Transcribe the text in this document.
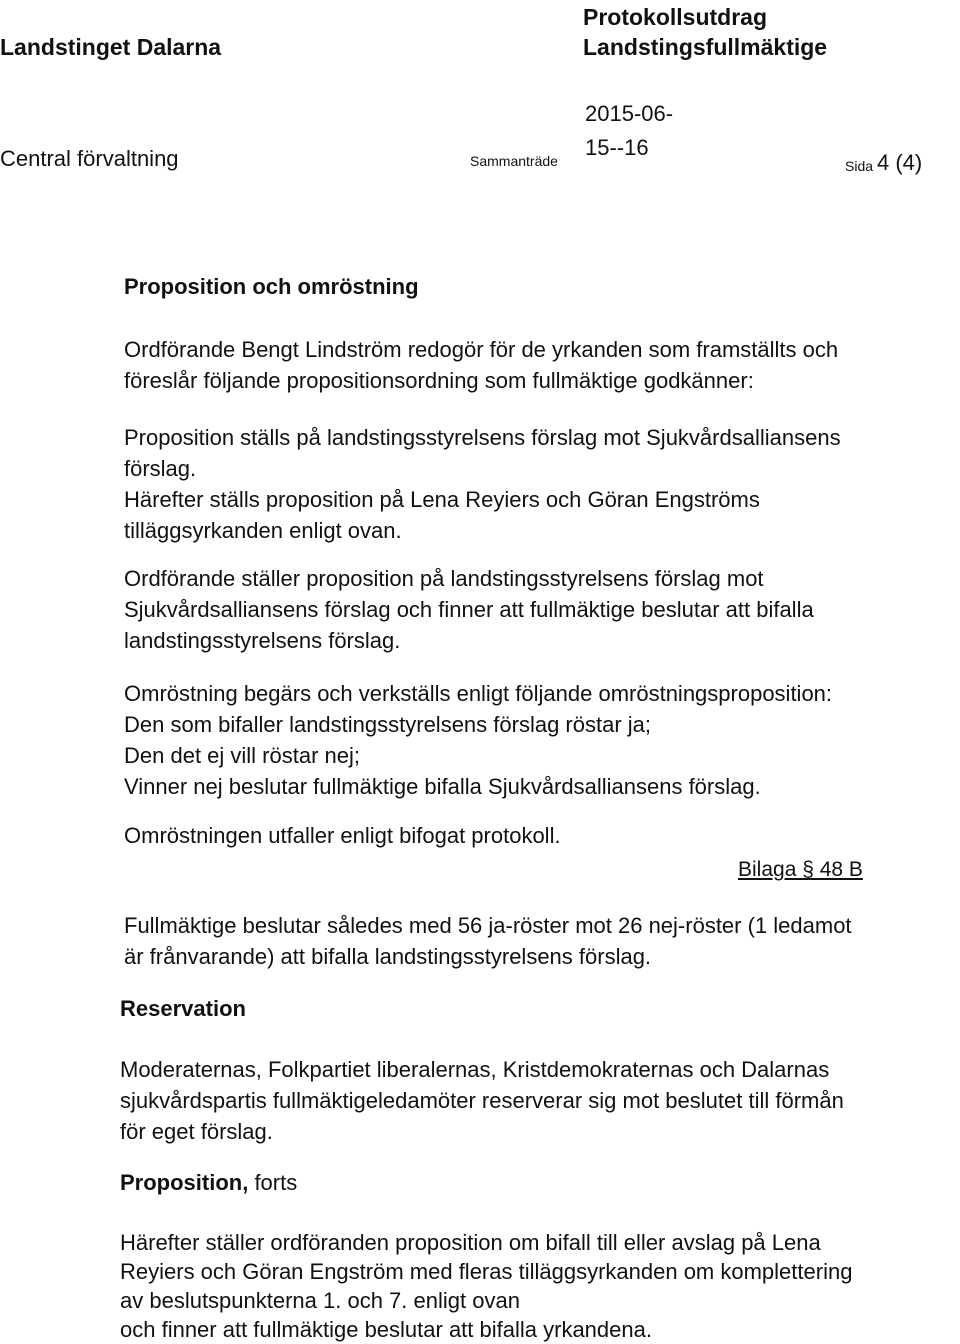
Landstinget Dalarna
Protokollsutdrag
Landstingsfullmäktige
Central förvaltning	Sammanträde
2015-06-
15--16
Sida 4 (4)
Proposition och omröstning
Ordförande Bengt Lindström redogör för de yrkanden som framställts och
föreslår följande propositionsordning som fullmäktige godkänner:
Proposition ställs på landstingsstyrelsens förslag mot Sjukvårdsalliansens
förslag.
Härefter ställs proposition på Lena Reyiers och Göran Engströms
tilläggsyrkanden enligt ovan.
Ordförande ställer proposition på landstingsstyrelsens förslag mot
Sjukvårdsalliansens förslag och finner att fullmäktige beslutar att bifalla
landstingsstyrelsens förslag.
Omröstning begärs och verkställs enligt följande omröstningsproposition:
Den som bifaller landstingsstyrelsens förslag röstar ja;
Den det ej vill röstar nej;
Vinner nej beslutar fullmäktige bifalla Sjukvårdsalliansens förslag.
Omröstningen utfaller enligt bifogat protokoll.
Bilaga § 48 B
Fullmäktige beslutar således med 56 ja-röster mot 26 nej-röster (1 ledamot
är frånvarande) att bifalla landstingsstyrelsens förslag.
Reservation
Moderaternas, Folkpartiet liberalernas, Kristdemokraternas och Dalarnas
sjukvårdspartis fullmäktigeledamöter reserverar sig mot beslutet till förmån
för eget förslag.
Proposition, forts
Härefter ställer ordföranden proposition om bifall till eller avslag på Lena
Reyiers och Göran Engström med fleras tilläggsyrkanden om komplettering
av beslutspunkterna 1. och 7. enligt ovan
och finner att fullmäktige beslutar att bifalla yrkandena.
